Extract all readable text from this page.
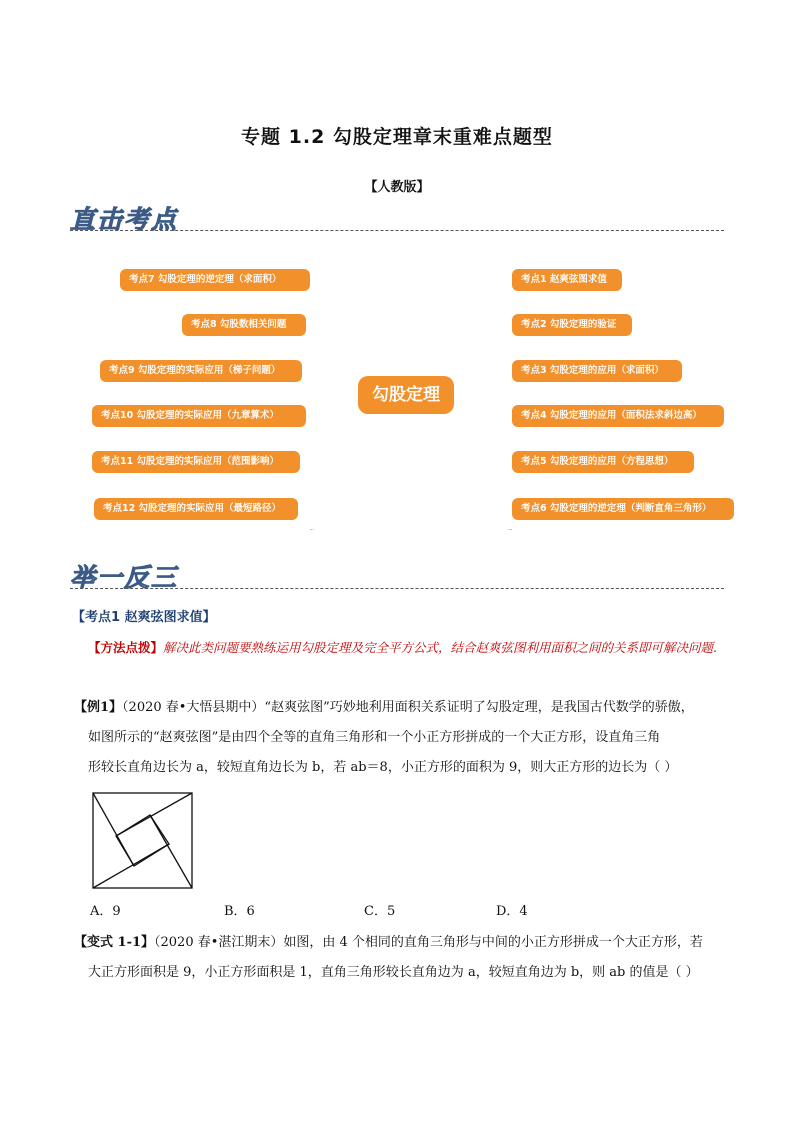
专题 1.2 勾股定理章末重难点题型
【人教版】
直击考点
考点7 勾股定理的逆定理（求面积）
考点8 勾股数相关问题
考点9 勾股定理的实际应用（梯子问题）
考点10 勾股定理的实际应用（九章算术）
考点11 勾股定理的实际应用（范围影响）
考点12 勾股定理的实际应用（最短路径）
考点1 赵爽弦图求值
考点2 勾股定理的验证
考点3 勾股定理的应用（求面积）
考点4 勾股定理的应用（面积法求斜边高）
考点5 勾股定理的应用（方程思想）
考点6 勾股定理的逆定理（判断直角三角形）
勾股定理
举一反三
【考点1 赵爽弦图求值】
【方法点拨】解决此类问题要熟练运用勾股定理及完全平方公式，结合赵爽弦图利用面积之间的关系即可解决问题.
【例1】（2020 春•大悟县期中）“赵爽弦图”巧妙地利用面积关系证明了勾股定理，是我国古代数学的骄傲，
如图所示的“赵爽弦图”是由四个全等的直角三角形和一个小正方形拼成的一个大正方形，设直角三角
形较长直角边长为 a，较短直角边长为 b，若 ab＝8，小正方形的面积为 9，则大正方形的边长为（ ）
A．9	B．6	C．5	D．4
【变式 1-1】（2020 春•湛江期末）如图，由 4 个相同的直角三角形与中间的小正方形拼成一个大正方形，若
大正方形面积是 9，小正方形面积是 1，直角三角形较长直角边为 a，较短直角边为 b，则 ab 的值是（ ）
